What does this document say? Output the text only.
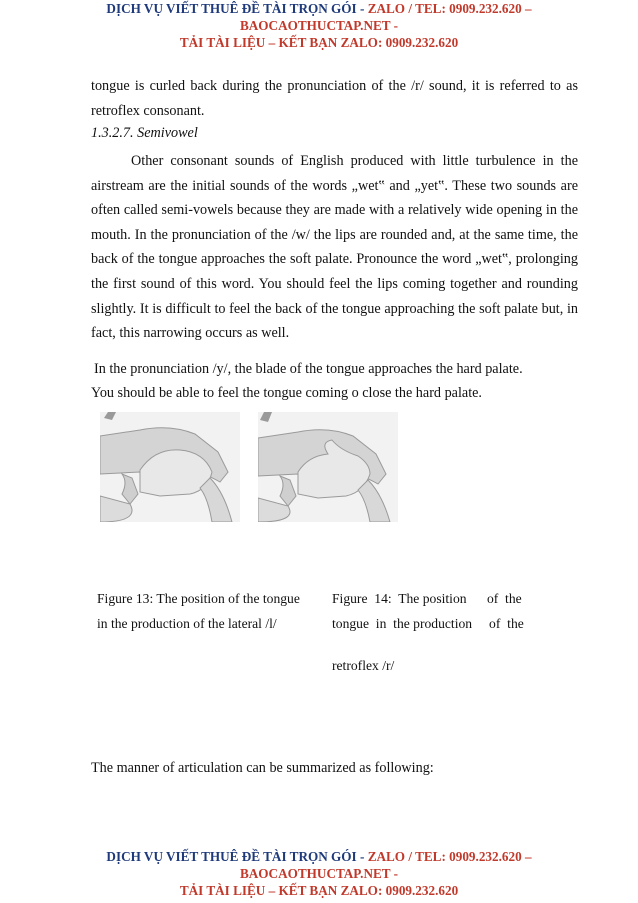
DỊCH VỤ VIẾT THUÊ ĐỀ TÀI TRỌN GÓI - ZALO / TEL: 0909.232.620 –
BAOCAOTHUCTAP.NET -
TẢI TÀI LIỆU – KẾT BẠN ZALO: 0909.232.620

tongue is curled back during the pronunciation of the /r/ sound, it is referred to as retroflex consonant.

1.3.2.7. Semivowel

Other consonant sounds of English produced with little turbulence in the airstream are the initial sounds of the words „wet‟ and „yet‟. These two sounds are often called semi-vowels because they are made with a relatively wide opening in the mouth. In the pronunciation of the /w/ the lips are rounded and, at the same time, the back of the tongue approaches the soft palate. Pronounce the word „wet‟, prolonging the first sound of this word. You should feel the lips coming together and rounding slightly. It is difficult to feel the back of the tongue approaching the soft palate but, in fact, this narrowing occurs as well.

In the pronunciation /y/, the blade of the tongue approaches the hard palate.

You should be able to feel the tongue coming o close the hard palate.

Figure 13: The position of the tongue

in the production of the lateral /l/

Figure  14:  The position      of  the

tongue  in  the production     of  the

retroflex /r/

The manner of articulation can be summarized as following:

DỊCH VỤ VIẾT THUÊ ĐỀ TÀI TRỌN GÓI - ZALO / TEL: 0909.232.620 –
BAOCAOTHUCTAP.NET -
TẢI TÀI LIỆU – KẾT BẠN ZALO: 0909.232.620
